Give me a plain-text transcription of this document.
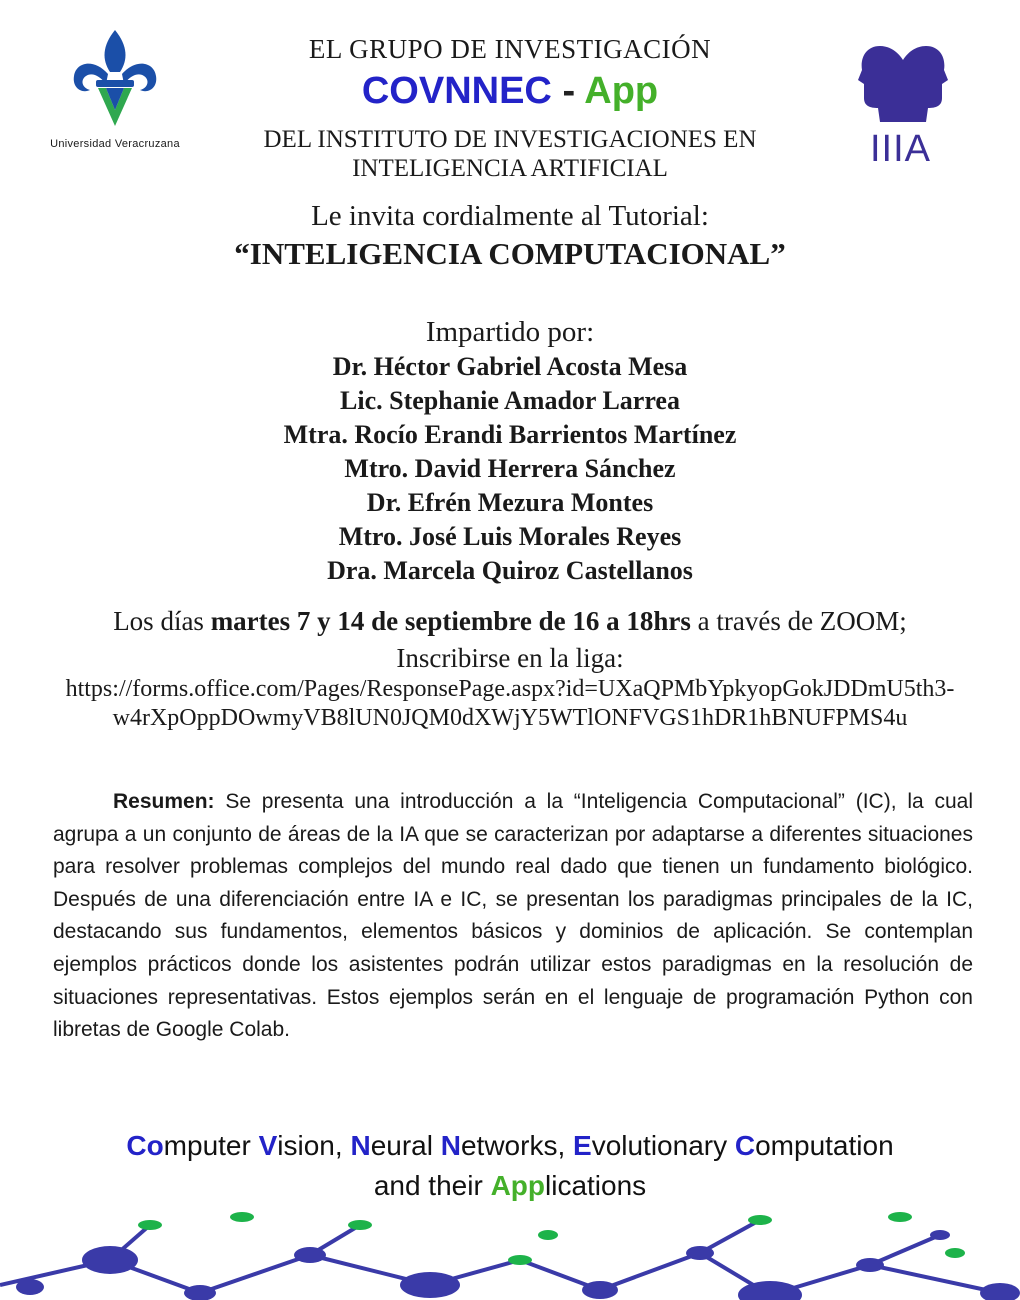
Universidad Veracruzana	IIIA
EL GRUPO DE INVESTIGACIÓN
COVNNEC - App
DEL INSTITUTO DE INVESTIGACIONES EN
INTELIGENCIA ARTIFICIAL
Le invita cordialmente al Tutorial:
“INTELIGENCIA COMPUTACIONAL”
Impartido por:
Dr. Héctor Gabriel Acosta Mesa
Lic. Stephanie Amador Larrea
Mtra. Rocío Erandi Barrientos Martínez
Mtro. David Herrera Sánchez
Dr. Efrén Mezura Montes
Mtro. José Luis Morales Reyes
Dra. Marcela Quiroz Castellanos
Los días martes 7 y 14 de septiembre de 16 a 18hrs a través de ZOOM;
Inscribirse en la liga:
https://forms.office.com/Pages/ResponsePage.aspx?id=UXaQPMbYpkyopGokJDDmU5th3-
w4rXpOppDOwmyVB8lUN0JQM0dXWjY5WTlONFVGS1hDR1hBNUFPMS4u
Resumen: Se presenta una introducción a la “Inteligencia Computacional” (IC), la cual agrupa a un conjunto de áreas de la IA que se caracterizan por adaptarse a diferentes situaciones para resolver problemas complejos del mundo real dado que tienen un fundamento biológico. Después de una diferenciación entre IA e IC, se presentan los paradigmas principales de la IC, destacando sus fundamentos, elementos básicos y dominios de aplicación. Se contemplan ejemplos prácticos donde los asistentes podrán utilizar estos paradigmas en la resolución de situaciones representativas. Estos ejemplos serán en el lenguaje de programación Python con libretas de Google Colab.
Computer Vision, Neural Networks, Evolutionary Computation
and their Applications
